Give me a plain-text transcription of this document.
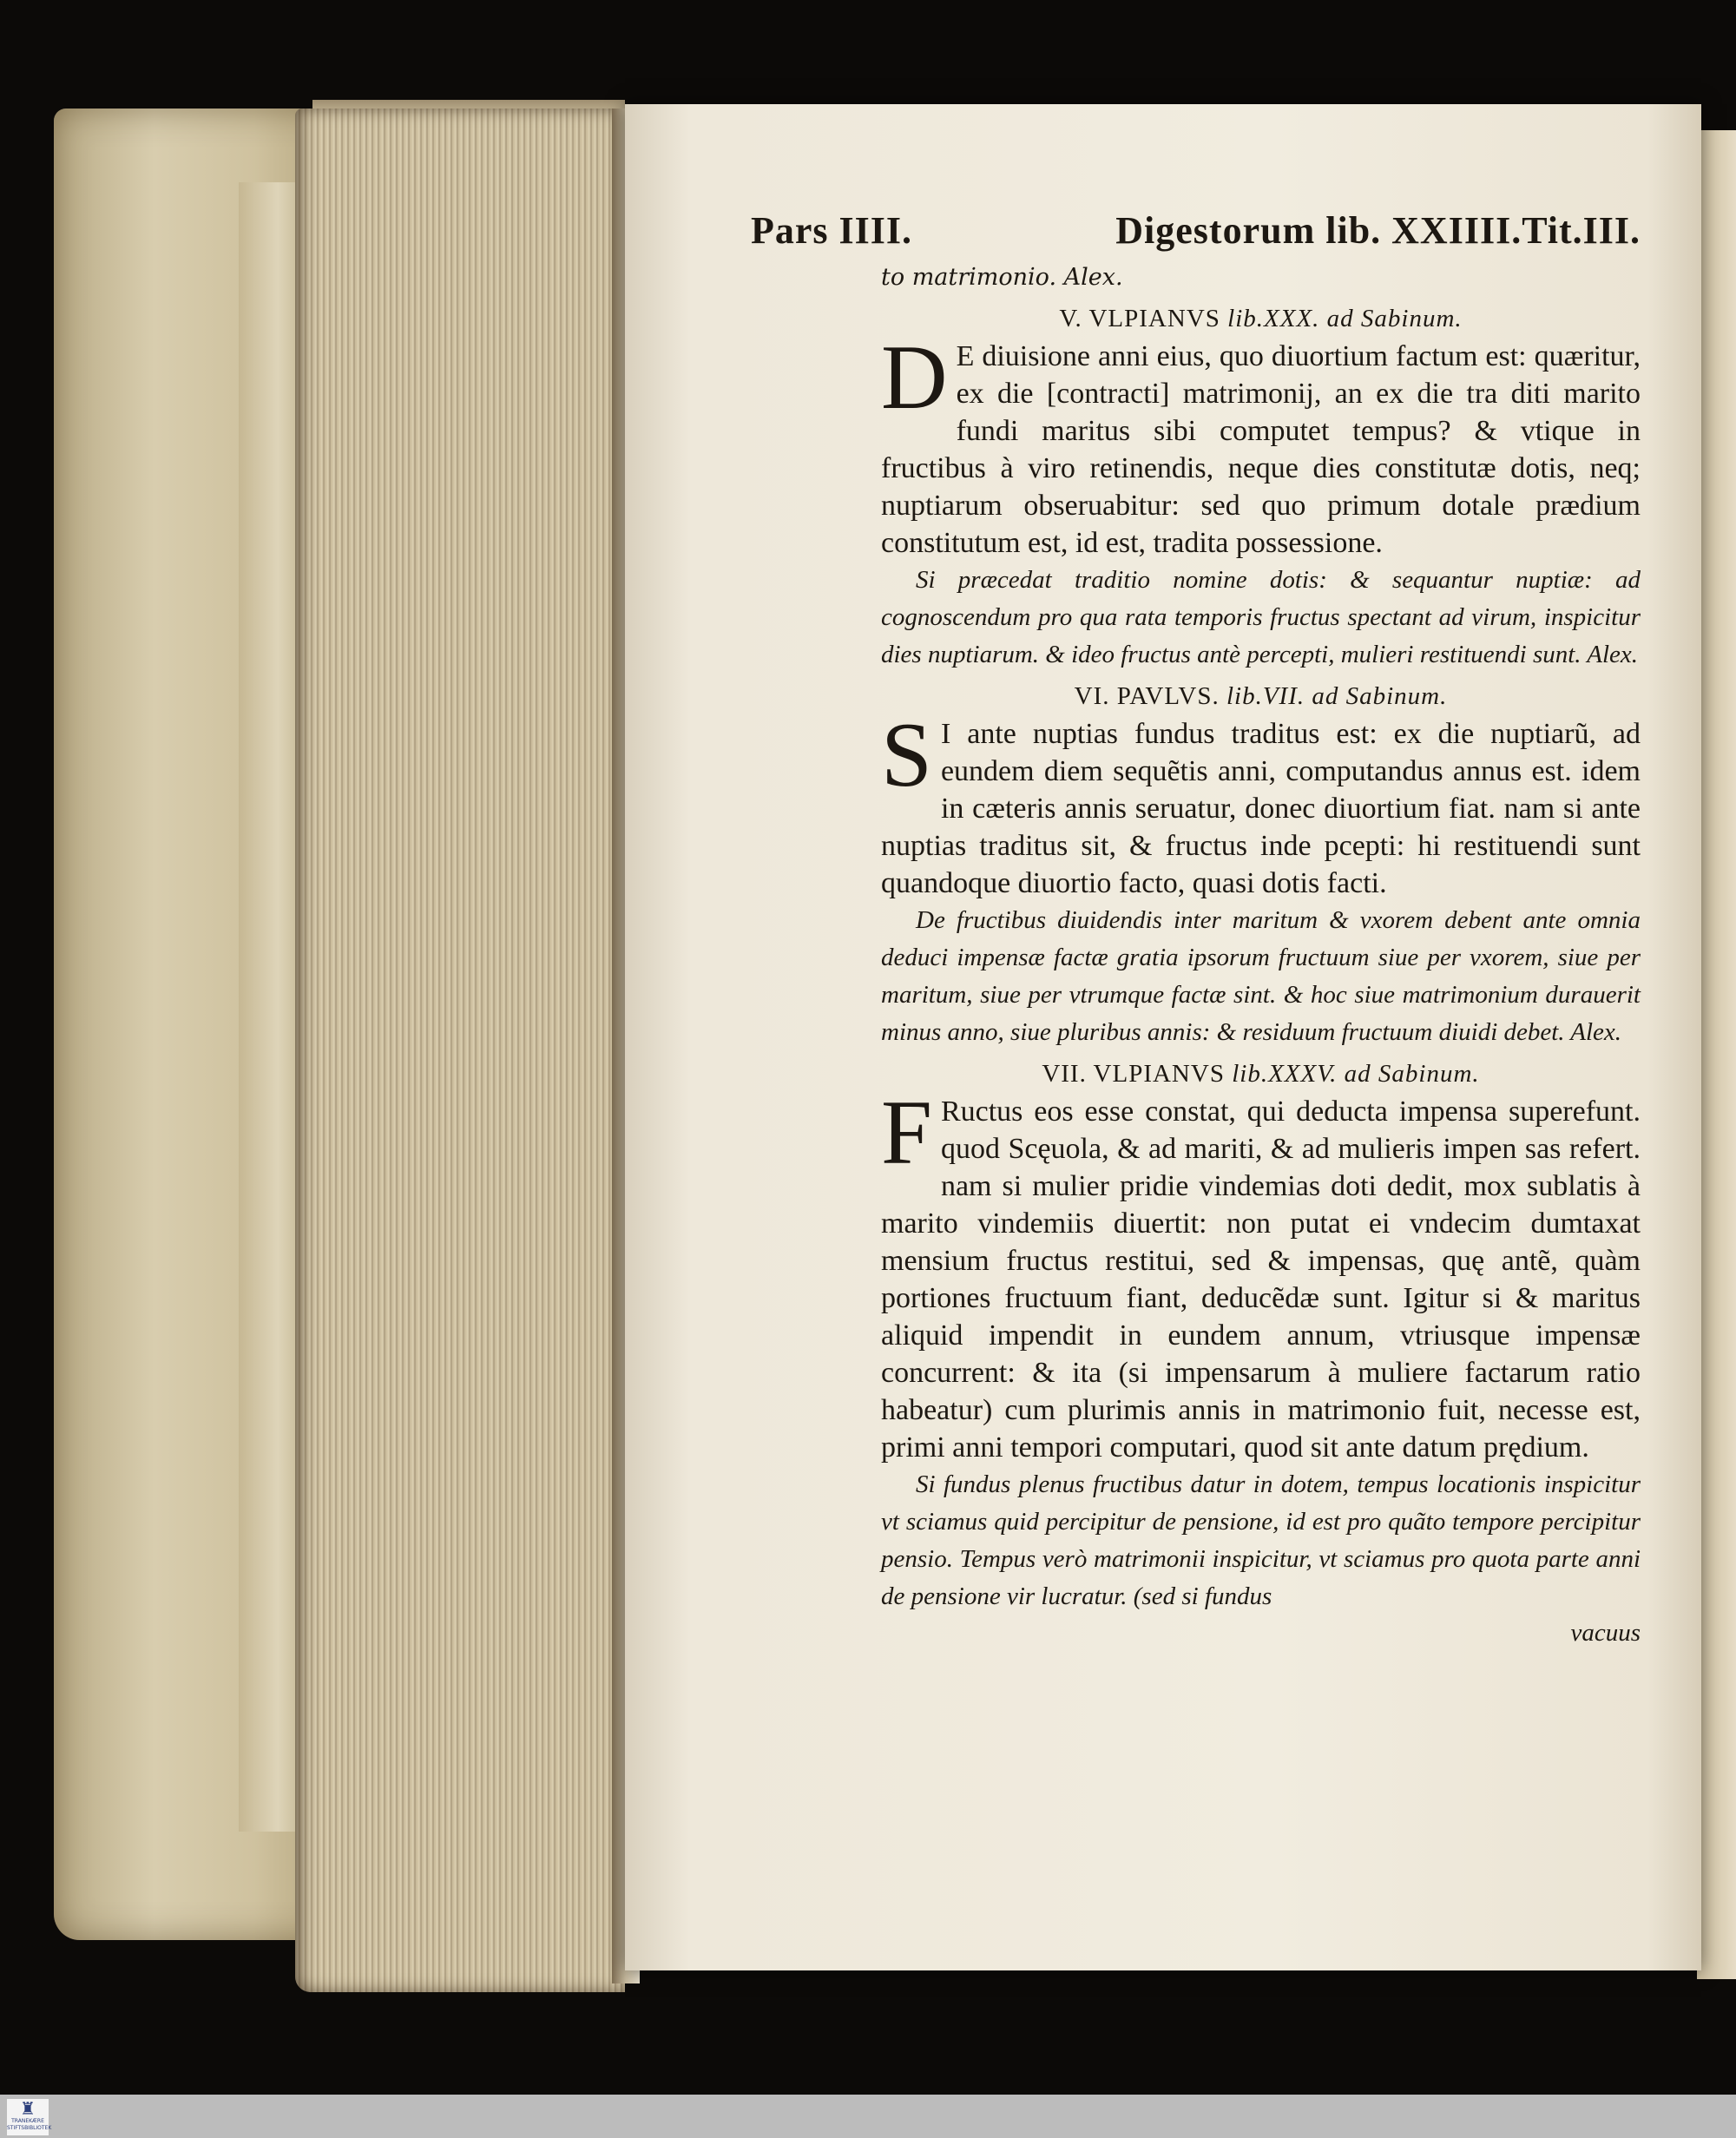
Pars IIII.	Digestorum lib. XXIIII.Tit.III.

to matrimonio. Alex.

V. VLPIANVS lib.XXX. ad Sabinum.

D E diuisione anni eius, quo diuortium factum est: quæritur, ex die [contracti] matrimonij, an ex die tra diti marito fundi maritus sibi computet tempus? & vtique in fructibus à viro retinendis, neque dies constitutæ dotis, neq; nuptiarum obseruabitur: sed quo primum dotale prædium constitutum est, id est, tradita possessione.

Si præcedat traditio nomine dotis: & sequantur nuptiæ: ad cognoscendum pro qua rata temporis fructus spectant ad virum, inspicitur dies nuptiarum. & ideo fructus antè percepti, mulieri restituendi sunt. Alex.

VI. PAVLVS. lib.VII. ad Sabinum.

S I ante nuptias fundus traditus est: ex die nuptiarũ, ad eundem diem sequẽtis anni, computandus annus est. idem in cæteris annis seruatur, donec diuortium fiat. nam si ante nuptias traditus sit, & fructus inde pcepti: hi restituendi sunt quandoque diuortio facto, quasi dotis facti.

De fructibus diuidendis inter maritum & vxorem debent ante omnia deduci impensæ factæ gratia ipsorum fructuum siue per vxorem, siue per maritum, siue per vtrumque factæ sint. & hoc siue matrimonium durauerit minus anno, siue pluribus annis: & residuum fructuum diuidi debet. Alex.

VII. VLPIANVS lib.XXXV. ad Sabinum.

F Ructus eos esse constat, qui deducta impensa superefunt. quod Scęuola, & ad mariti, & ad mulieris impen sas refert. nam si mulier pridie vindemias doti dedit, mox sublatis à marito vindemiis diuertit: non putat ei vndecim dumtaxat mensium fructus restitui, sed & impensas, quę antẽ, quàm portiones fructuum fiant, deducẽdæ sunt. Igitur si & maritus aliquid impendit in eundem annum, vtriusque impensæ concurrent: & ita (si impensarum à muliere factarum ratio habeatur) cum plurimis annis in matrimonio fuit, necesse est, primi anni tempori computari, quod sit ante datum prędium.

Si fundus plenus fructibus datur in dotem, tempus locationis inspicitur vt sciamus quid percipitur de pensione, id est pro quãto tempore percipitur pensio. Tempus verò matrimonii inspicitur, vt sciamus pro quota parte anni de pensione vir lucratur. (sed si fundus

vacuus

♜
TRANEKÆRE
STIFTSBIBLIOTEK
